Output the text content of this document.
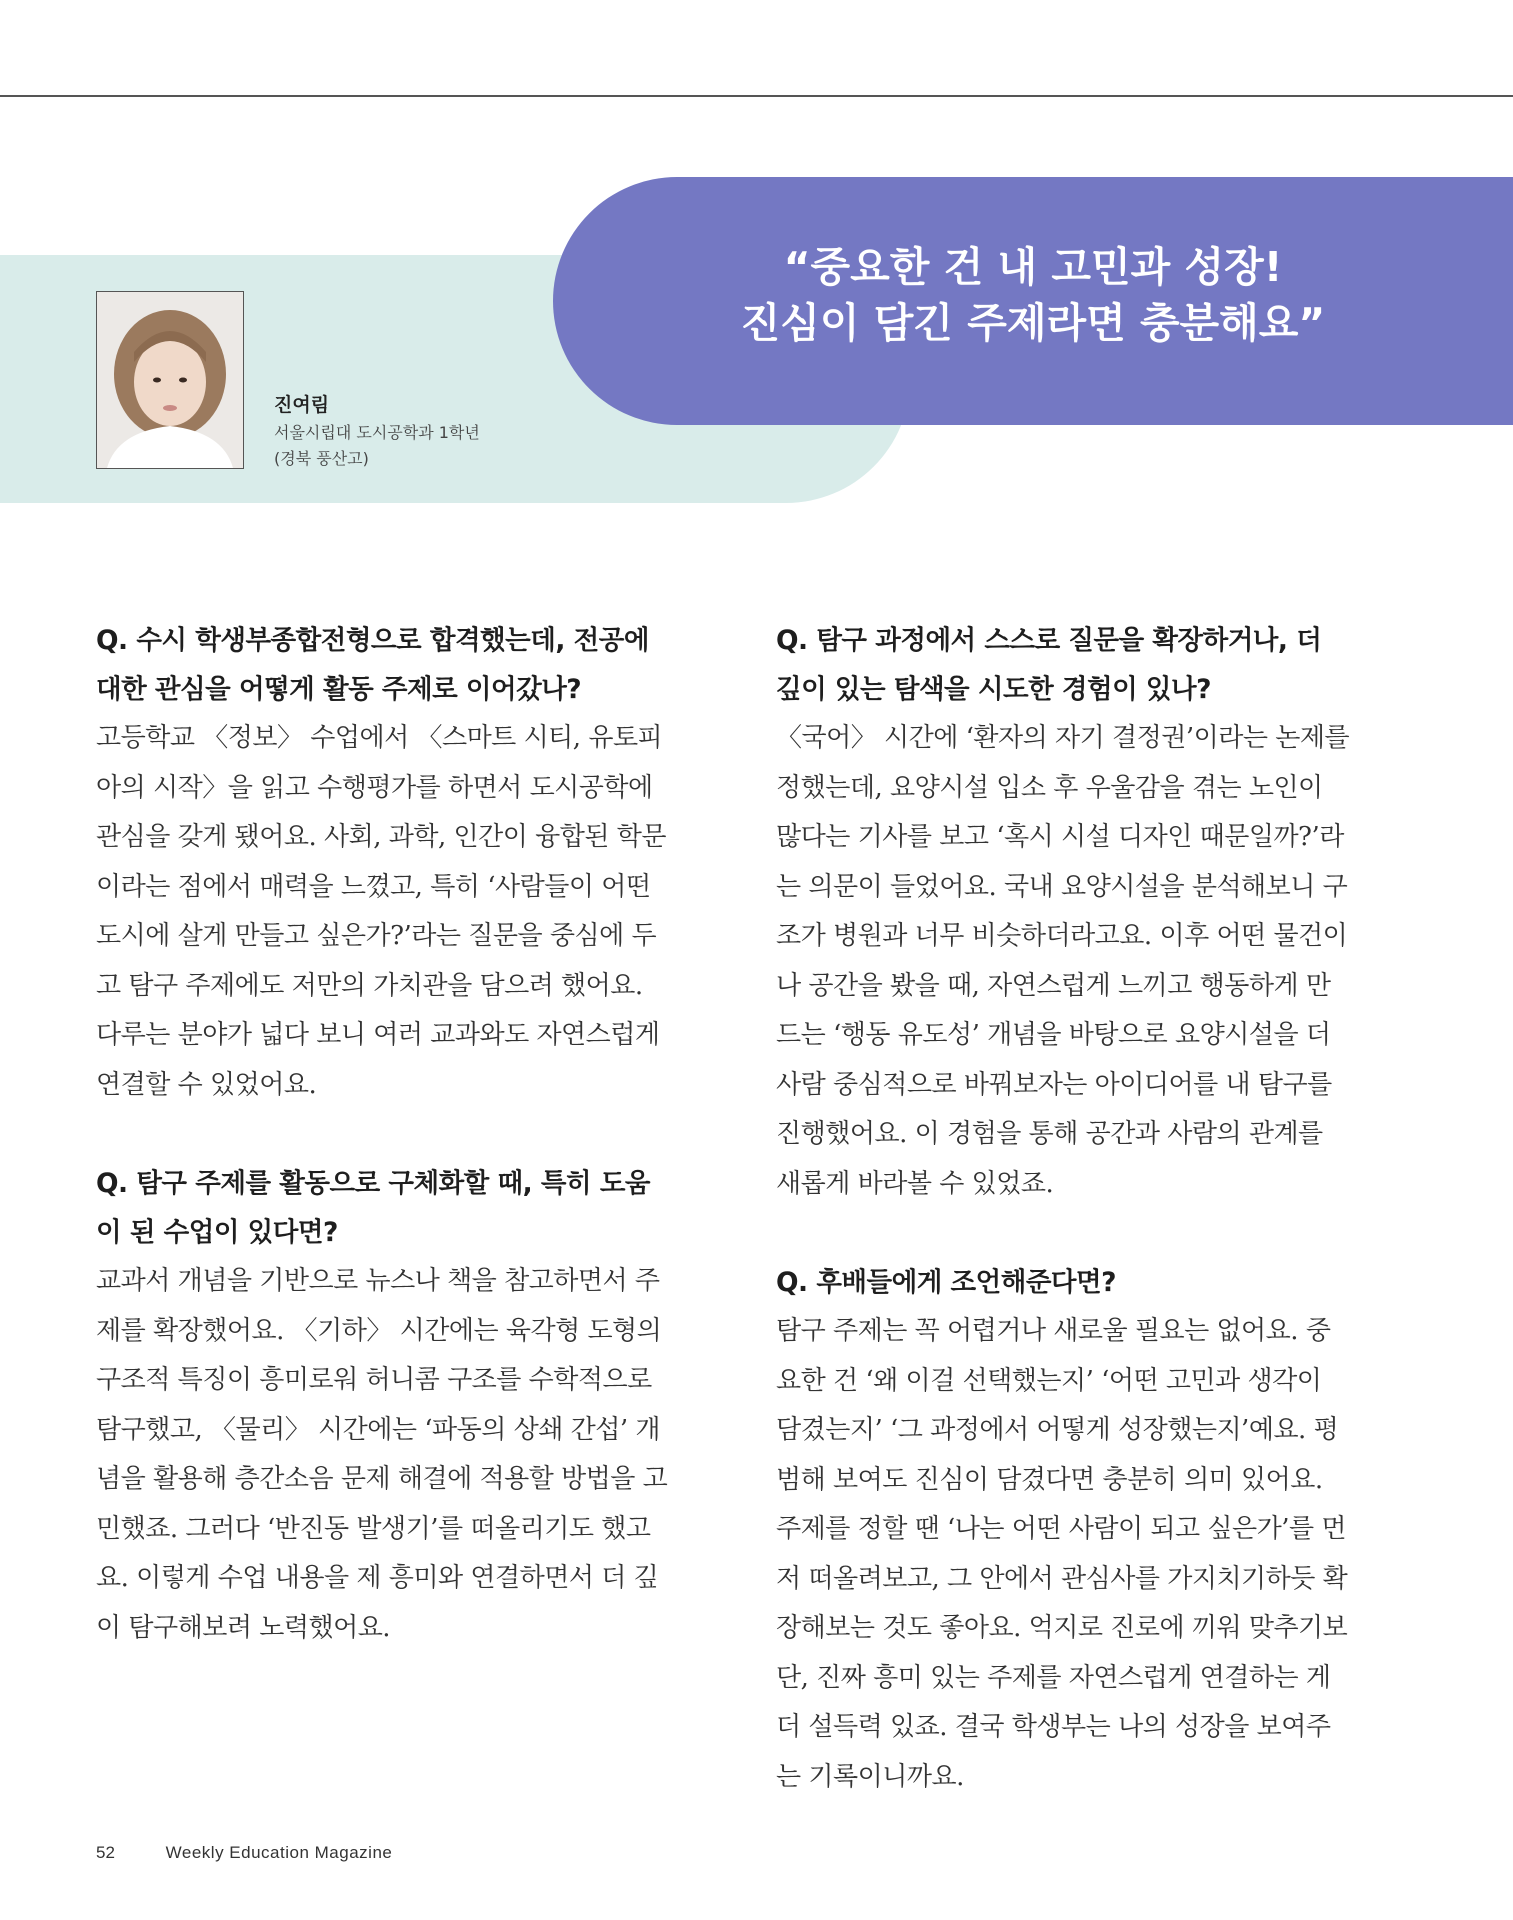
“중요한 건 내 고민과 성장!
진심이 담긴 주제라면 충분해요”
진여림
서울시립대 도시공학과 1학년
(경북 풍산고)

Q. 수시 학생부종합전형으로 합격했는데, 전공에 대한 관심을 어떻게 활동 주제로 이어갔나?

고등학교 〈정보〉 수업에서 〈스마트 시티, 유토피아의 시작〉을 읽고 수행평가를 하면서 도시공학에 관심을 갖게 됐어요. 사회, 과학, 인간이 융합된 학문이라는 점에서 매력을 느꼈고, 특히 ‘사람들이 어떤 도시에 살게 만들고 싶은가?’라는 질문을 중심에 두고 탐구 주제에도 저만의 가치관을 담으려 했어요. 다루는 분야가 넓다 보니 여러 교과와도 자연스럽게 연결할 수 있었어요.

Q. 탐구 주제를 활동으로 구체화할 때, 특히 도움이 된 수업이 있다면?

교과서 개념을 기반으로 뉴스나 책을 참고하면서 주제를 확장했어요. 〈기하〉 시간에는 육각형 도형의 구조적 특징이 흥미로워 허니콤 구조를 수학적으로 탐구했고, 〈물리〉 시간에는 ‘파동의 상쇄 간섭’ 개념을 활용해 층간소음 문제 해결에 적용할 방법을 고민했죠. 그러다 ‘반진동 발생기’를 떠올리기도 했고요. 이렇게 수업 내용을 제 흥미와 연결하면서 더 깊이 탐구해보려 노력했어요.

Q. 탐구 과정에서 스스로 질문을 확장하거나, 더 깊이 있는 탐색을 시도한 경험이 있나?

〈국어〉 시간에 ‘환자의 자기 결정권’이라는 논제를 정했는데, 요양시설 입소 후 우울감을 겪는 노인이 많다는 기사를 보고 ‘혹시 시설 디자인 때문일까?’라는 의문이 들었어요. 국내 요양시설을 분석해보니 구조가 병원과 너무 비슷하더라고요. 이후 어떤 물건이나 공간을 봤을 때, 자연스럽게 느끼고 행동하게 만드는 ‘행동 유도성’ 개념을 바탕으로 요양시설을 더 사람 중심적으로 바꿔보자는 아이디어를 내 탐구를 진행했어요. 이 경험을 통해 공간과 사람의 관계를 새롭게 바라볼 수 있었죠.

Q. 후배들에게 조언해준다면?

탐구 주제는 꼭 어렵거나 새로울 필요는 없어요. 중요한 건 ‘왜 이걸 선택했는지’ ‘어떤 고민과 생각이 담겼는지’ ‘그 과정에서 어떻게 성장했는지’예요. 평범해 보여도 진심이 담겼다면 충분히 의미 있어요. 주제를 정할 땐 ‘나는 어떤 사람이 되고 싶은가’를 먼저 떠올려보고, 그 안에서 관심사를 가지치기하듯 확장해보는 것도 좋아요. 억지로 진로에 끼워 맞추기보단, 진짜 흥미 있는 주제를 자연스럽게 연결하는 게 더 설득력 있죠. 결국 학생부는 나의 성장을 보여주는 기록이니까요.

52	Weekly Education Magazine
